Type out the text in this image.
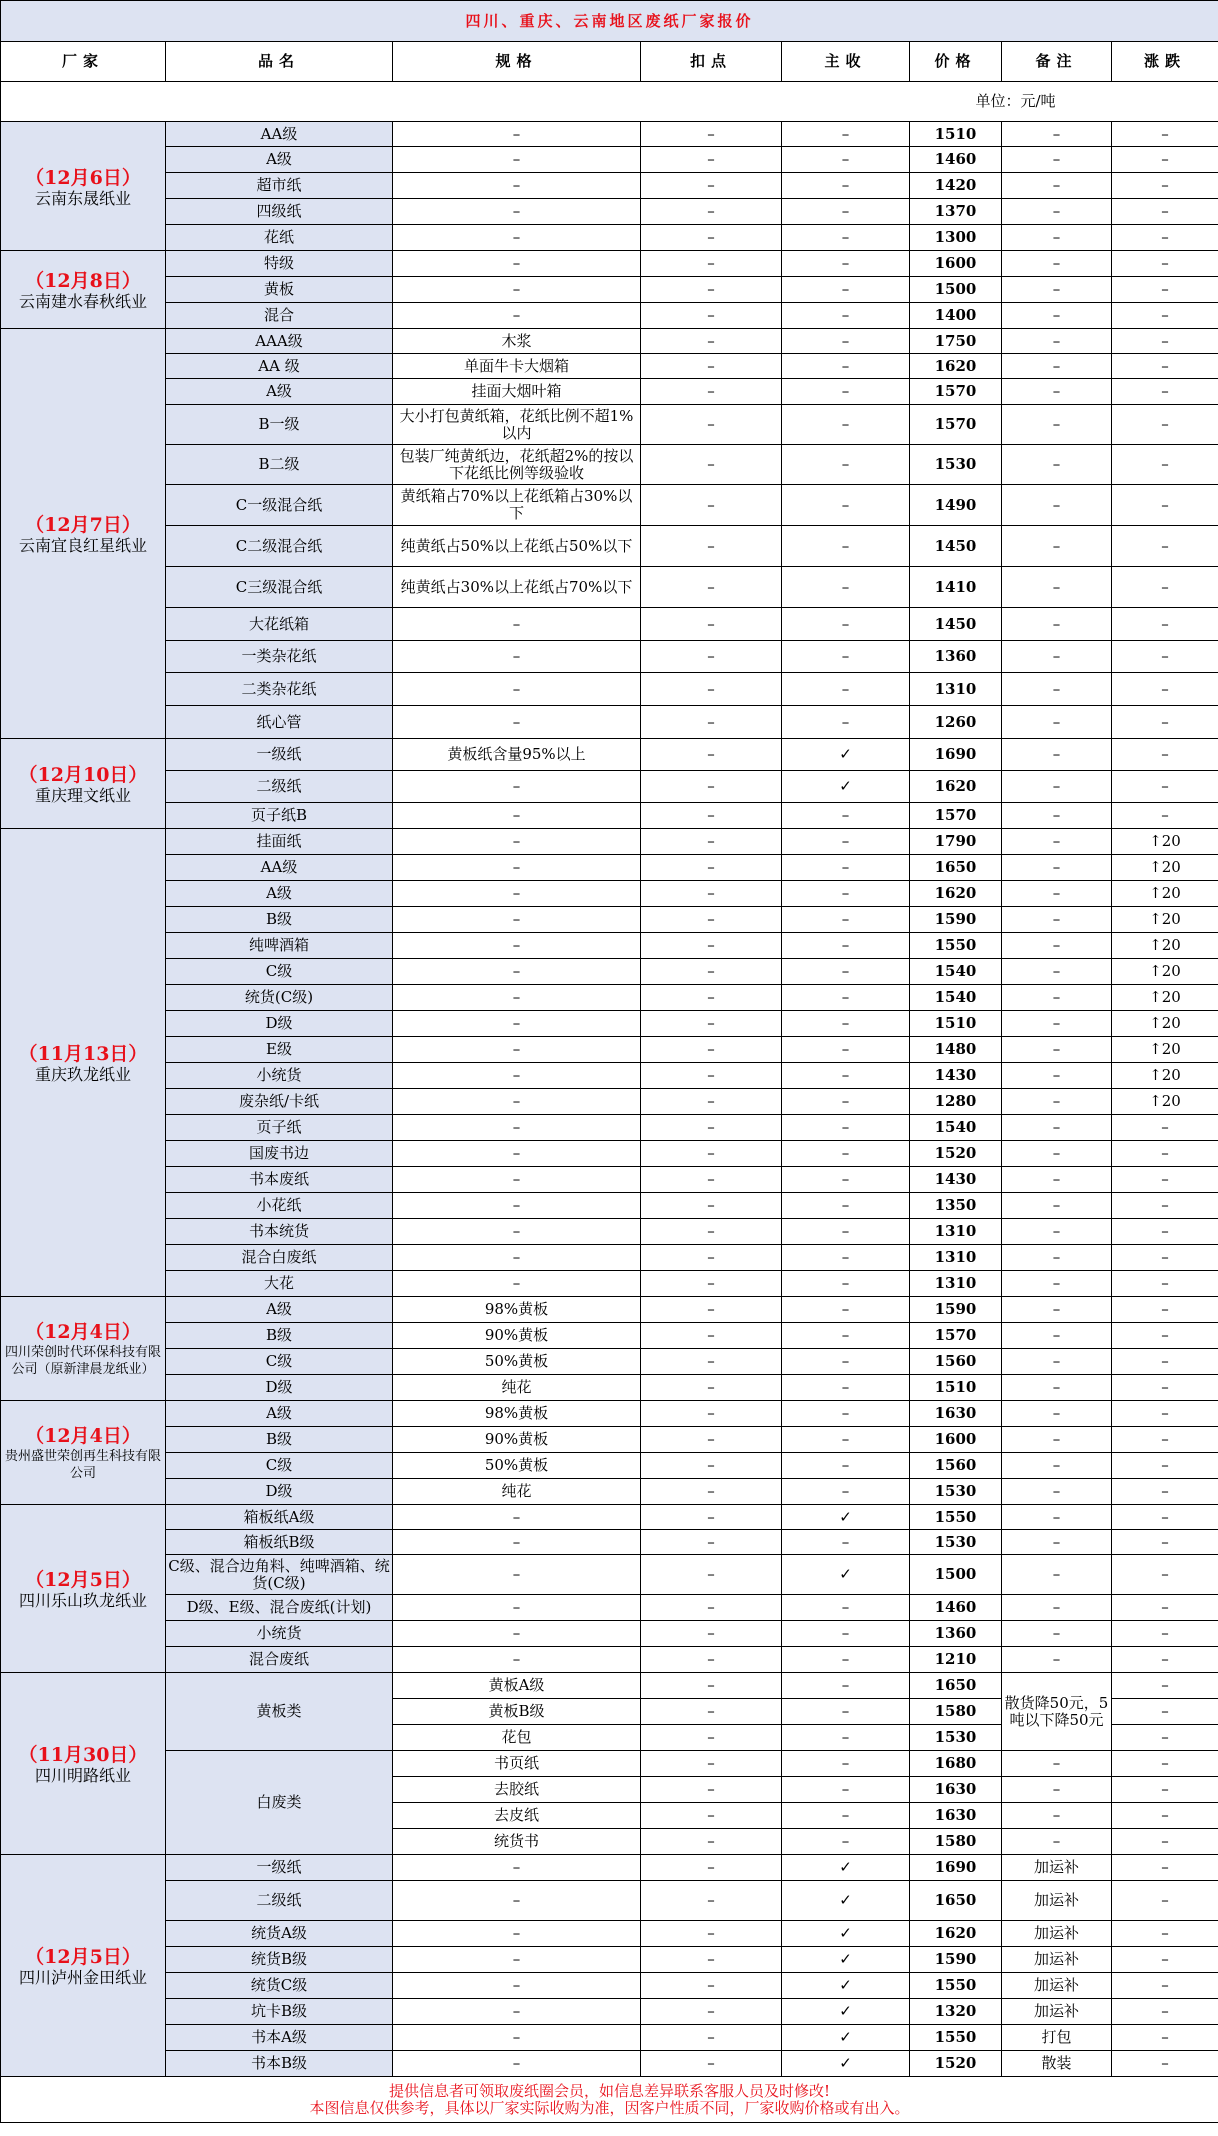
四川、重庆、云南地区废纸厂家报价							
厂家	品名	规格	扣点	主收	价格	备注	涨跌
单位：元/吨							

（12月6日）
云南东晟纸业	AA级	–	–	–	1510	–	–
	A级	–	–	–	1460	–	–
	超市纸	–	–	–	1420	–	–
	四级纸	–	–	–	1370	–	–
	花纸	–	–	–	1300	–	–

（12月8日）
云南建水春秋纸业	特级	–	–	–	1600	–	–
	黄板	–	–	–	1500	–	–
	混合	–	–	–	1400	–	–

（12月7日）
云南宜良红星纸业	AAA级	木浆	–	–	1750	–	–
	AA 级	单面牛卡大烟箱	–	–	1620	–	–
	A级	挂面大烟叶箱	–	–	1570	–	–
	B一级	大小打包黄纸箱，花纸比例不超1%以内	–	–	1570	–	–
	B二级	包装厂纯黄纸边，花纸超2%的按以下花纸比例等级验收	–	–	1530	–	–
	C一级混合纸	黄纸箱占70%以上花纸箱占30%以下	–	–	1490	–	–
	C二级混合纸	纯黄纸占50%以上花纸占50%以下	–	–	1450	–	–
	C三级混合纸	纯黄纸占30%以上花纸占70%以下	–	–	1410	–	–
	大花纸箱	–	–	–	1450	–	–
	一类杂花纸	–	–	–	1360	–	–
	二类杂花纸	–	–	–	1310	–	–
	纸心管	–	–	–	1260	–	–

（12月10日）
重庆理文纸业	一级纸	黄板纸含量95%以上	–	✓	1690	–	–
	二级纸	–	–	✓	1620	–	–
	页子纸B	–	–	–	1570	–	–

（11月13日）
重庆玖龙纸业	挂面纸	–	–	–	1790	–	↑20
	AA级	–	–	–	1650	–	↑20
	A级	–	–	–	1620	–	↑20
	B级	–	–	–	1590	–	↑20
	纯啤酒箱	–	–	–	1550	–	↑20
	C级	–	–	–	1540	–	↑20
	统货(C级)	–	–	–	1540	–	↑20
	D级	–	–	–	1510	–	↑20
	E级	–	–	–	1480	–	↑20
	小统货	–	–	–	1430	–	↑20
	废杂纸/卡纸	–	–	–	1280	–	↑20
	页子纸	–	–	–	1540	–	–
	国废书边	–	–	–	1520	–	–
	书本废纸	–	–	–	1430	–	–
	小花纸	–	–	–	1350	–	–
	书本统货	–	–	–	1310	–	–
	混合白废纸	–	–	–	1310	–	–
	大花	–	–	–	1310	–	–

（12月4日）
四川荣创时代环保科技有限公司（原新津晨龙纸业）	A级	98%黄板	–	–	1590	–	–
	B级	90%黄板	–	–	1570	–	–
	C级	50%黄板	–	–	1560	–	–
	D级	纯花	–	–	1510	–	–

（12月4日）
贵州盛世荣创再生科技有限公司	A级	98%黄板	–	–	1630	–	–
	B级	90%黄板	–	–	1600	–	–
	C级	50%黄板	–	–	1560	–	–
	D级	纯花	–	–	1530	–	–

（12月5日）
四川乐山玖龙纸业	箱板纸A级	–	–	✓	1550	–	–
	箱板纸B级	–	–	–	1530	–	–
	C级、混合边角料、纯啤酒箱、统货(C级)	–	–	✓	1500	–	–
	D级、E级、混合废纸(计划)	–	–	–	1460	–	–
	小统货	–	–	–	1360	–	–
	混合废纸	–	–	–	1210	–	–

（11月30日）
四川明路纸业	黄板类	黄板A级	–	–	1650	散货降50元，5吨以下降50元	–
		黄板B级	–	–	1580		–
		花包	–	–	1530		–
	白废类	书页纸	–	–	1680	–	–
		去胶纸	–	–	1630	–	–
		去皮纸	–	–	1630	–	–
		统货书	–	–	1580	–	–

（12月5日）
四川泸州金田纸业	一级纸	–	–	✓	1690	加运补	–
	二级纸	–	–	✓	1650	加运补	–
	统货A级	–	–	✓	1620	加运补	–
	统货B级	–	–	✓	1590	加运补	–
	统货C级	–	–	✓	1550	加运补	–
	坑卡B级	–	–	✓	1320	加运补	–
	书本A级	–	–	✓	1550	打包	–
	书本B级	–	–	✓	1520	散装	–

提供信息者可领取废纸圈会员，如信息差异联系客服人员及时修改!
本图信息仅供参考，具体以厂家实际收购为准，因客户性质不同，厂家收购价格或有出入。							
